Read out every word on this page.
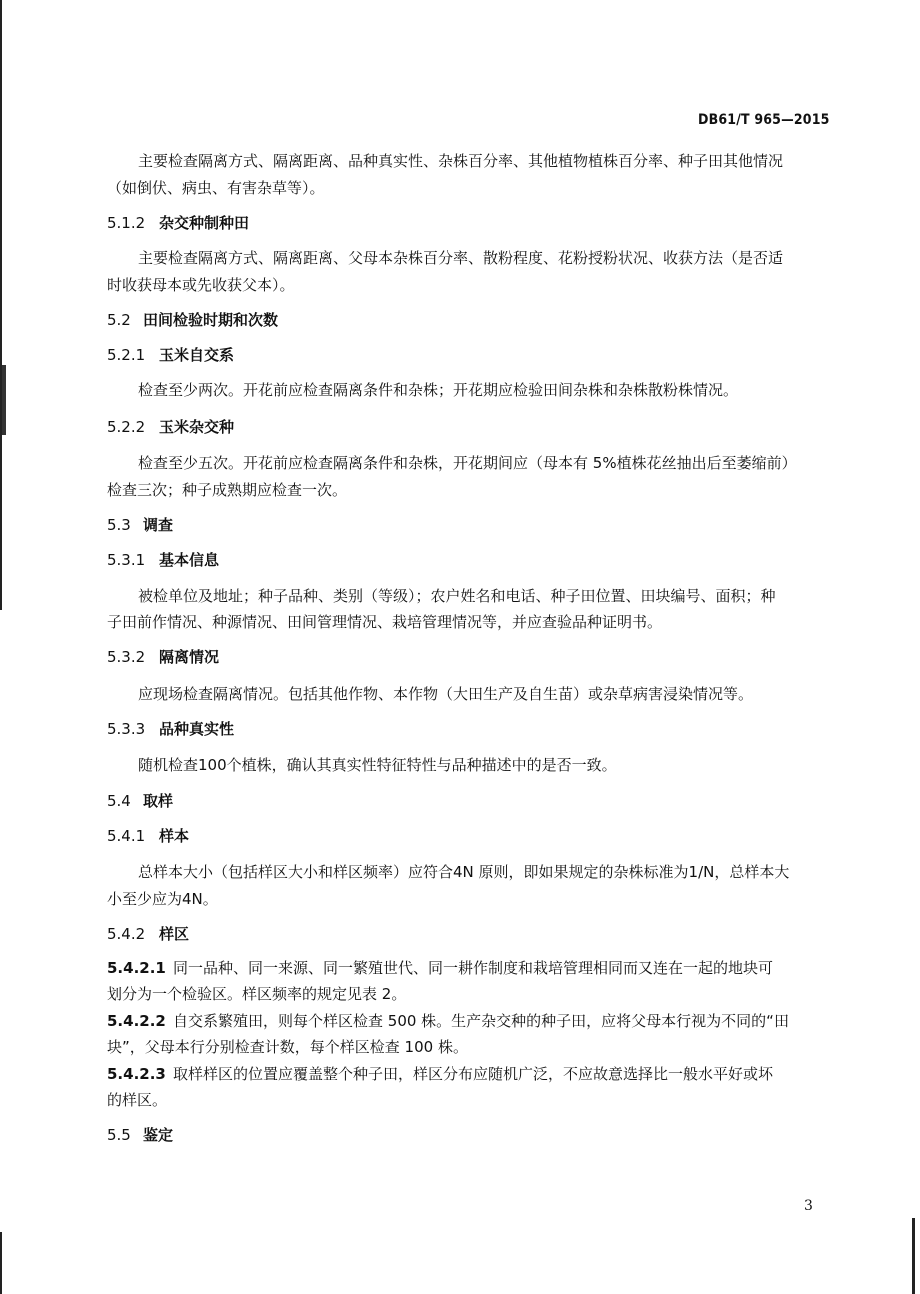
DB61/T 965—2015
主要检查隔离方式、隔离距离、品种真实性、杂株百分率、其他植物植株百分率、种子田其他情况
（如倒伏、病虫、有害杂草等）。
5.1.2 杂交种制种田
主要检查隔离方式、隔离距离、父母本杂株百分率、散粉程度、花粉授粉状况、收获方法（是否适
时收获母本或先收获父本）。
5.2 田间检验时期和次数
5.2.1 玉米自交系
检查至少两次。开花前应检查隔离条件和杂株；开花期应检验田间杂株和杂株散粉株情况。
5.2.2 玉米杂交种
检查至少五次。开花前应检查隔离条件和杂株，开花期间应（母本有 5%植株花丝抽出后至萎缩前）
检查三次；种子成熟期应检查一次。
5.3 调查
5.3.1 基本信息
被检单位及地址；种子品种、类别（等级）；农户姓名和电话、种子田位置、田块编号、面积；种
子田前作情况、种源情况、田间管理情况、栽培管理情况等，并应查验品种证明书。
5.3.2 隔离情况
应现场检查隔离情况。包括其他作物、本作物（大田生产及自生苗）或杂草病害浸染情况等。
5.3.3 品种真实性
随机检查100个植株，确认其真实性特征特性与品种描述中的是否一致。
5.4 取样
5.4.1 样本
总样本大小（包括样区大小和样区频率）应符合4N 原则，即如果规定的杂株标准为1/N，总样本大
小至少应为4N。
5.4.2 样区
5.4.2.1 同一品种、同一来源、同一繁殖世代、同一耕作制度和栽培管理相同而又连在一起的地块可
划分为一个检验区。样区频率的规定见表 2。
5.4.2.2 自交系繁殖田，则每个样区检查 500 株。生产杂交种的种子田，应将父母本行视为不同的“田
块”，父母本行分别检查计数，每个样区检查 100 株。
5.4.2.3 取样样区的位置应覆盖整个种子田，样区分布应随机广泛，不应故意选择比一般水平好或坏
的样区。
5.5 鉴定
3
